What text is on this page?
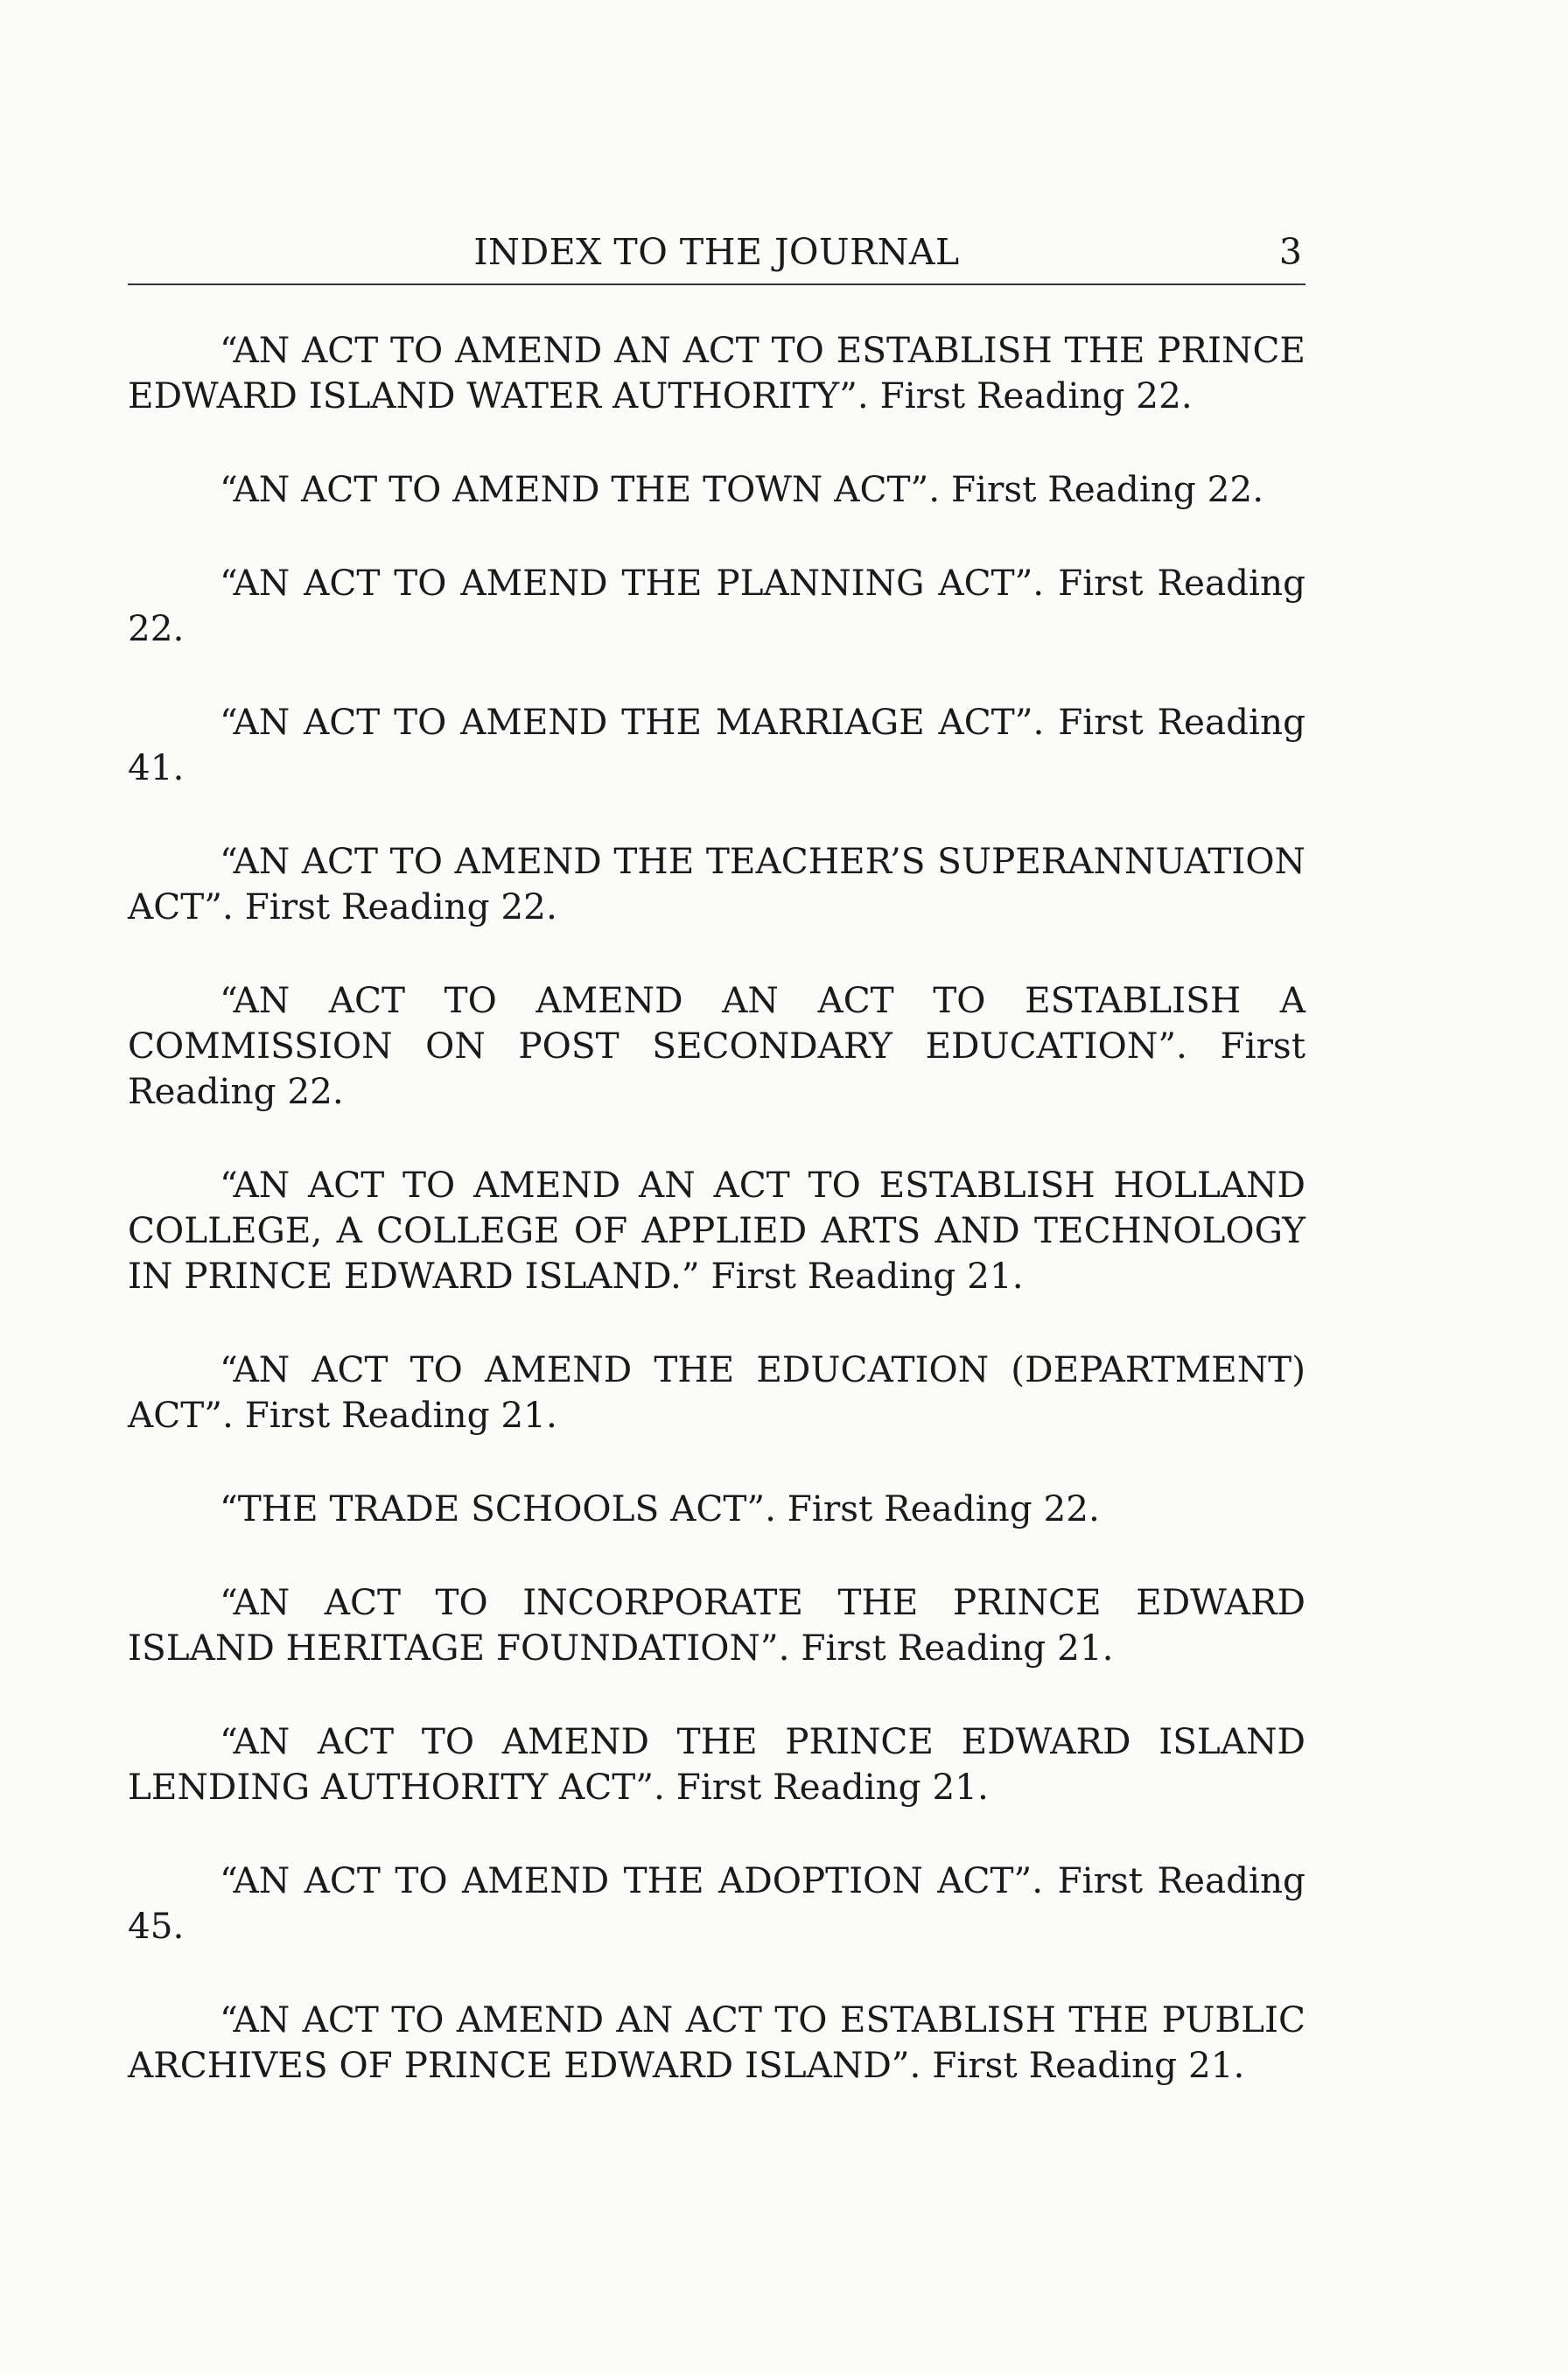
INDEX TO THE JOURNAL	3

“AN ACT TO AMEND AN ACT TO ESTABLISH THE PRINCE EDWARD ISLAND WATER AUTHORITY”. First Reading 22.

“AN ACT TO AMEND THE TOWN ACT”. First Reading 22.

“AN ACT TO AMEND THE PLANNING ACT”. First Reading 22.

“AN ACT TO AMEND THE MARRIAGE ACT”. First Reading 41.

“AN ACT TO AMEND THE TEACHER’S SUPERANNUATION ACT”. First Reading 22.

“AN ACT TO AMEND AN ACT TO ESTABLISH A COMMISSION ON POST SECONDARY EDUCATION”. First Reading 22.

“AN ACT TO AMEND AN ACT TO ESTABLISH HOLLAND COLLEGE, A COLLEGE OF APPLIED ARTS AND TECHNOLOGY IN PRINCE EDWARD ISLAND.” First Reading 21.

“AN ACT TO AMEND THE EDUCATION (DEPARTMENT) ACT”. First Reading 21.

“THE TRADE SCHOOLS ACT”. First Reading 22.

“AN ACT TO INCORPORATE THE PRINCE EDWARD ISLAND HERITAGE FOUNDATION”. First Reading 21.

“AN ACT TO AMEND THE PRINCE EDWARD ISLAND LENDING AUTHORITY ACT”. First Reading 21.

“AN ACT TO AMEND THE ADOPTION ACT”. First Reading 45.

“AN ACT TO AMEND AN ACT TO ESTABLISH THE PUBLIC ARCHIVES OF PRINCE EDWARD ISLAND”. First Reading 21.
